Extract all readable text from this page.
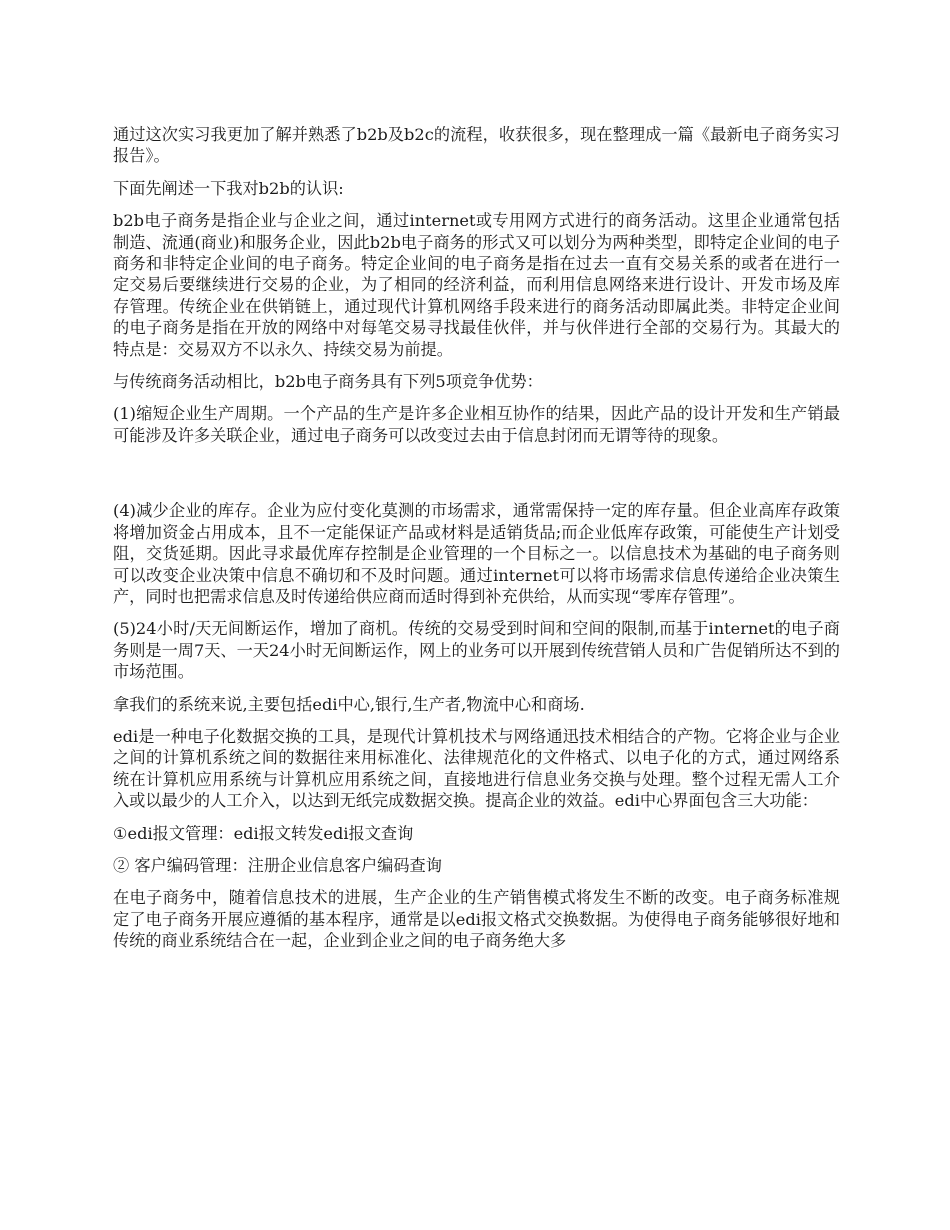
通过这次实习我更加了解并熟悉了b2b及b2c的流程，收获很多，现在整理成一篇《最新电子商务实习报告》。

下面先阐述一下我对b2b的认识:

b2b电子商务是指企业与企业之间，通过internet或专用网方式进行的商务活动。这里企业通常包括制造、流通(商业)和服务企业，因此b2b电子商务的形式又可以划分为两种类型，即特定企业间的电子商务和非特定企业间的电子商务。特定企业间的电子商务是指在过去一直有交易关系的或者在进行一定交易后要继续进行交易的企业，为了相同的经济利益，而利用信息网络来进行设计、开发市场及库存管理。传统企业在供销链上，通过现代计算机网络手段来进行的商务活动即属此类。非特定企业间的电子商务是指在开放的网络中对每笔交易寻找最佳伙伴，并与伙伴进行全部的交易行为。其最大的特点是：交易双方不以永久、持续交易为前提。

与传统商务活动相比，b2b电子商务具有下列5项竞争优势：

(1)缩短企业生产周期。一个产品的生产是许多企业相互协作的结果，因此产品的设计开发和生产销最可能涉及许多关联企业，通过电子商务可以改变过去由于信息封闭而无谓等待的现象。

(4)减少企业的库存。企业为应付变化莫测的市场需求，通常需保持一定的库存量。但企业高库存政策将增加资金占用成本，且不一定能保证产品或材料是适销货品;而企业低库存政策，可能使生产计划受阻，交货延期。因此寻求最优库存控制是企业管理的一个目标之一。以信息技术为基础的电子商务则可以改变企业决策中信息不确切和不及时问题。通过internet可以将市场需求信息传递给企业决策生产，同时也把需求信息及时传递给供应商而适时得到补充供给，从而实现“零库存管理”。

(5)24小时/天无间断运作，增加了商机。传统的交易受到时间和空间的限制,而基于internet的电子商务则是一周7天、一天24小时无间断运作，网上的业务可以开展到传统营销人员和广告促销所达不到的市场范围。

拿我们的系统来说,主要包括edi中心,银行,生产者,物流中心和商场.

edi是一种电子化数据交换的工具，是现代计算机技术与网络通迅技术相结合的产物。它将企业与企业之间的计算机系统之间的数据往来用标准化、法律规范化的文件格式、以电子化的方式，通过网络系统在计算机应用系统与计算机应用系统之间，直接地进行信息业务交换与处理。整个过程无需人工介入或以最少的人工介入，以达到无纸完成数据交换。提高企业的效益。edi中心界面包含三大功能：

①edi报文管理：edi报文转发edi报文查询

② 客户编码管理：注册企业信息客户编码查询

在电子商务中，随着信息技术的进展，生产企业的生产销售模式将发生不断的改变。电子商务标准规定了电子商务开展应遵循的基本程序，通常是以edi报文格式交换数据。为使得电子商务能够很好地和传统的商业系统结合在一起，企业到企业之间的电子商务绝大多
